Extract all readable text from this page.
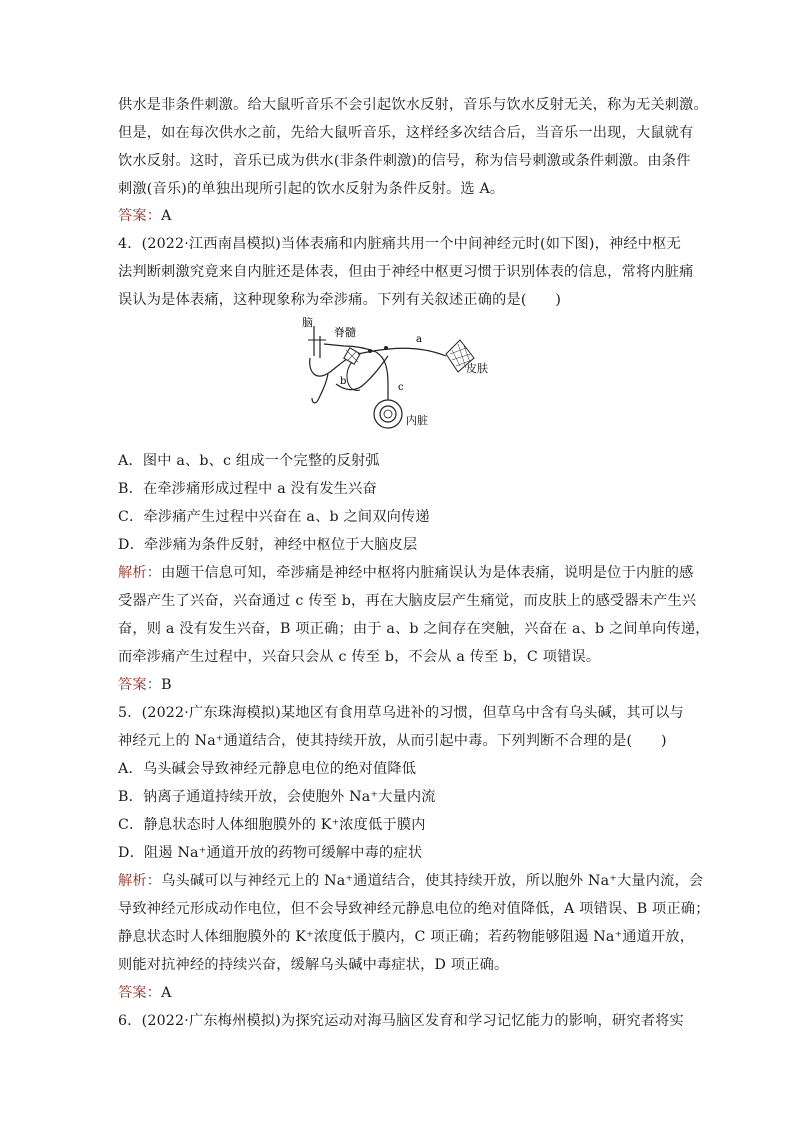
供水是非条件刺激。给大鼠听音乐不会引起饮水反射，音乐与饮水反射无关，称为无关刺激。
但是，如在每次供水之前，先给大鼠听音乐，这样经多次结合后，当音乐一出现，大鼠就有
饮水反射。这时，音乐已成为供水(非条件刺激)的信号，称为信号刺激或条件刺激。由条件
刺激(音乐)的单独出现所引起的饮水反射为条件反射。选 A。
答案：A
4．(2022·江西南昌模拟)当体表痛和内脏痛共用一个中间神经元时(如下图)，神经中枢无
法判断刺激究竟来自内脏还是体表，但由于神经中枢更习惯于识别体表的信息，常将内脏痛
误认为是体表痛，这种现象称为牵涉痛。下列有关叙述正确的是(　　)
脑
脊髓
a
b
c
皮肤
内脏
A．图中 a、b、c 组成一个完整的反射弧
B．在牵涉痛形成过程中 a 没有发生兴奋
C．牵涉痛产生过程中兴奋在 a、b 之间双向传递
D．牵涉痛为条件反射，神经中枢位于大脑皮层
解析：由题干信息可知，牵涉痛是神经中枢将内脏痛误认为是体表痛，说明是位于内脏的感
受器产生了兴奋，兴奋通过 c 传至 b，再在大脑皮层产生痛觉，而皮肤上的感受器未产生兴
奋，则 a 没有发生兴奋，B 项正确；由于 a、b 之间存在突触，兴奋在 a、b 之间单向传递，
而牵涉痛产生过程中，兴奋只会从 c 传至 b，不会从 a 传至 b，C 项错误。
答案：B
5．(2022·广东珠海模拟)某地区有食用草乌进补的习惯，但草乌中含有乌头碱，其可以与
神经元上的 Na⁺通道结合，使其持续开放，从而引起中毒。下列判断不合理的是(　　)
A．乌头碱会导致神经元静息电位的绝对值降低
B．钠离子通道持续开放，会使胞外 Na⁺大量内流
C．静息状态时人体细胞膜外的 K⁺浓度低于膜内
D．阻遏 Na⁺通道开放的药物可缓解中毒的症状
解析：乌头碱可以与神经元上的 Na⁺通道结合，使其持续开放，所以胞外 Na⁺大量内流，会
导致神经元形成动作电位，但不会导致神经元静息电位的绝对值降低，A 项错误、B 项正确；
静息状态时人体细胞膜外的 K⁺浓度低于膜内，C 项正确；若药物能够阻遏 Na⁺通道开放，
则能对抗神经的持续兴奋，缓解乌头碱中毒症状，D 项正确。
答案：A
6．(2022·广东梅州模拟)为探究运动对海马脑区发育和学习记忆能力的影响，研究者将实
